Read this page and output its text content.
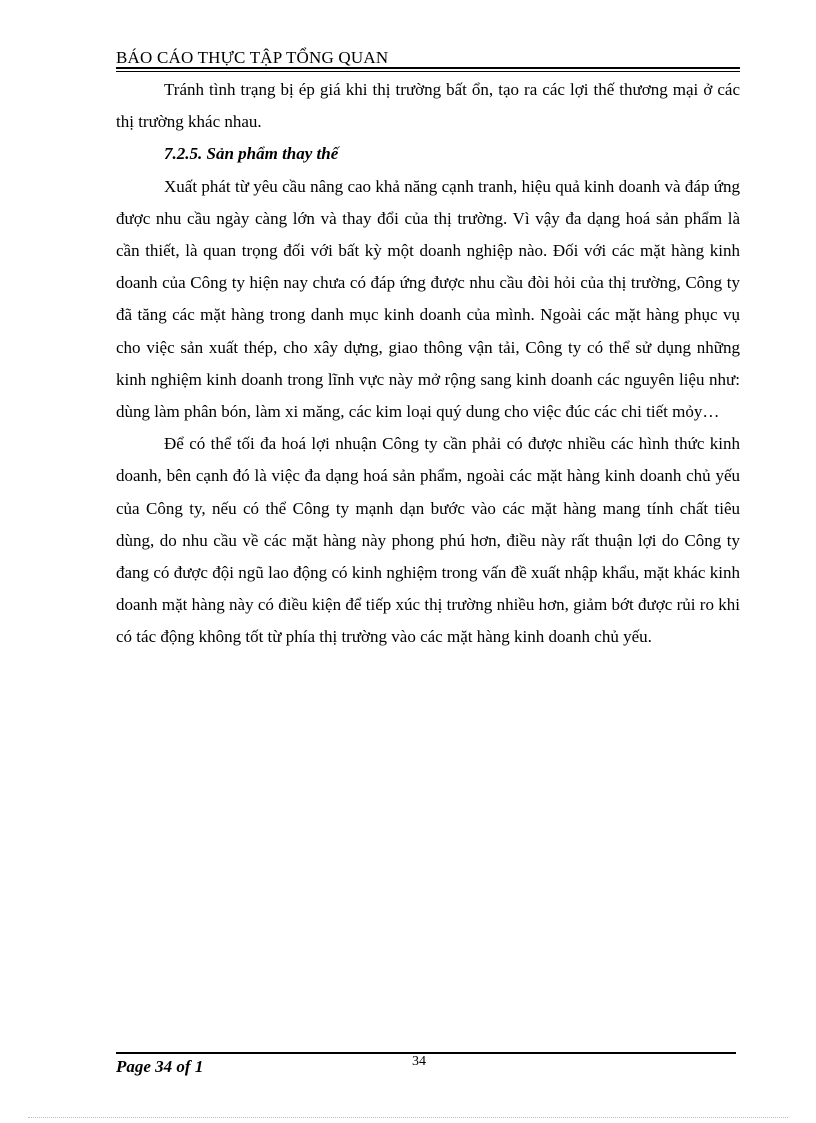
BÁO CÁO THỰC TẬP TỔNG QUAN

Tránh tình trạng bị ép giá khi thị trường bất ổn, tạo ra các lợi thế thương mại ở các thị trường khác nhau.

7.2.5. Sản phẩm thay thế

Xuất phát từ yêu cầu nâng cao khả năng cạnh tranh, hiệu quả kinh doanh và đáp ứng được nhu cầu ngày càng lớn và thay đổi của thị trường. Vì vậy đa dạng hoá sản phẩm là cần thiết, là quan trọng đối với bất kỳ một doanh nghiệp nào. Đối với các mặt hàng kinh doanh của Công ty hiện nay chưa có đáp ứng được nhu cầu đòi hỏi của thị trường, Công ty đã tăng các mặt hàng trong danh mục kinh doanh của mình. Ngoài các mặt hàng phục vụ cho việc sản xuất thép, cho xây dựng, giao thông vận tải, Công ty có thể sử dụng những kinh nghiệm kinh doanh trong lĩnh vực này mở rộng sang kinh doanh các nguyên liệu như: dùng làm phân bón, làm xi măng, các kim loại quý dung cho việc đúc các chi tiết mỏy…

Để có thể tối đa hoá lợi nhuận Công ty cần phải có được nhiều các hình thức kinh doanh, bên cạnh đó là việc đa dạng hoá sản phẩm, ngoài các mặt hàng kinh doanh chủ yếu của Công ty, nếu có thể Công ty mạnh dạn bước vào các mặt hàng mang tính chất tiêu dùng, do nhu cầu về các mặt hàng này phong phú hơn, điều này rất thuận lợi do Công ty đang có được đội ngũ lao động có kinh nghiệm trong vấn đề xuất nhập khẩu, mặt khác kinh doanh mặt hàng này có điều kiện để tiếp xúc thị trường nhiều hơn, giảm bớt được rủi ro khi có tác động không tốt từ phía thị trường vào các mặt hàng kinh doanh chủ yếu.

Page 34 of 1	34
